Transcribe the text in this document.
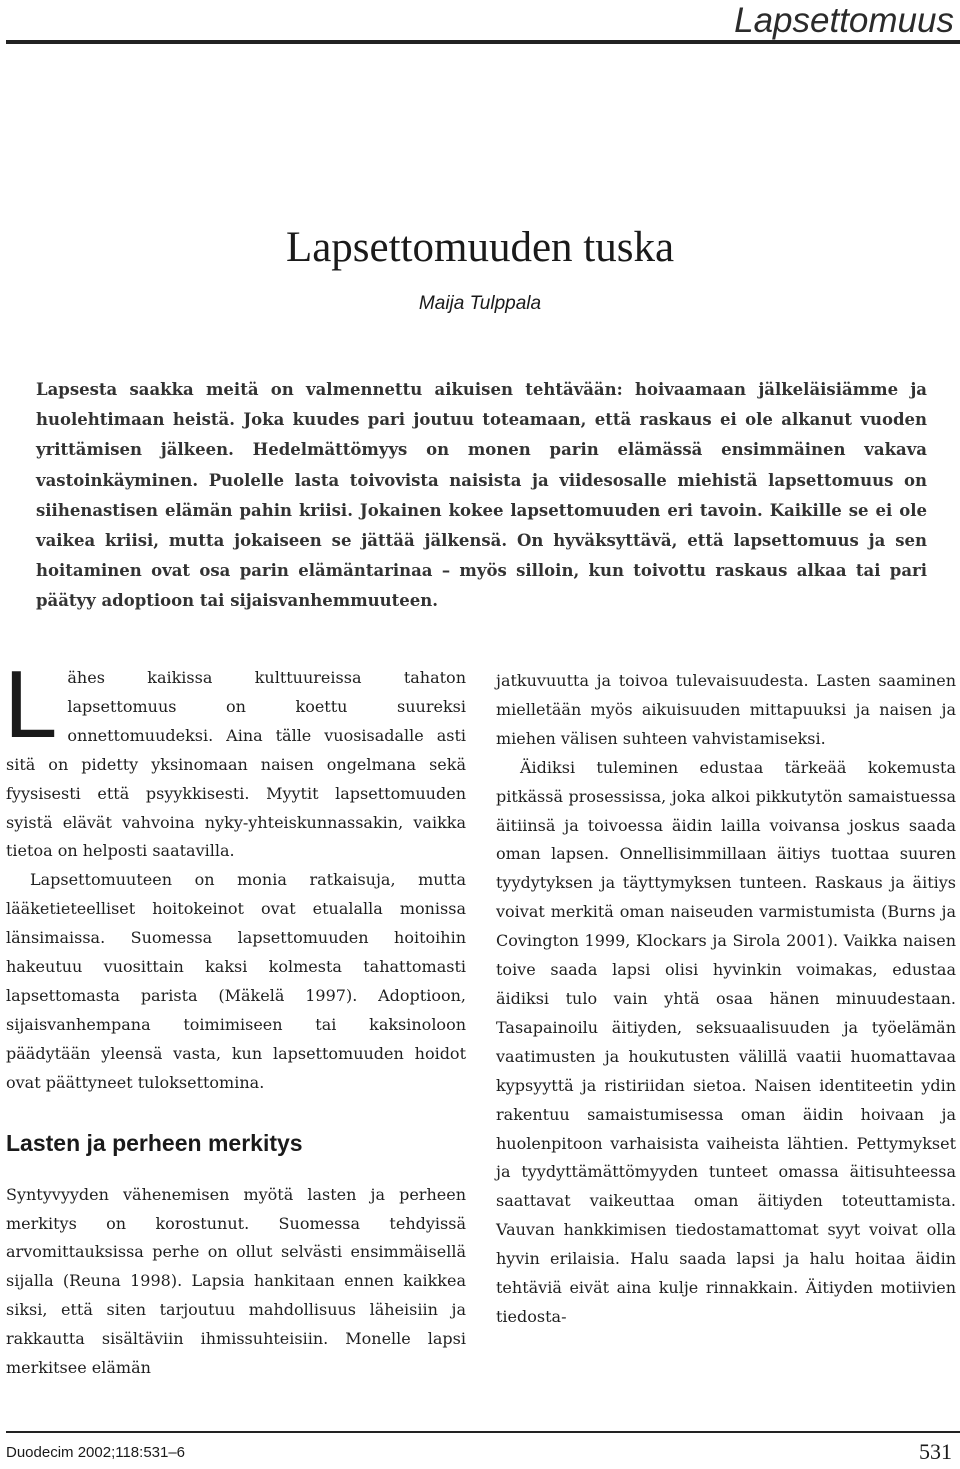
Lapsettomuus
Lapsettomuuden tuska
Maija Tulppala

Lapsesta saakka meitä on valmennettu aikuisen tehtävään: hoivaamaan jälkeläisiämme ja huolehtimaan heistä. Joka kuudes pari joutuu toteamaan, että raskaus ei ole alkanut vuoden yrittämisen jälkeen. Hedelmättömyys on monen parin elämässä ensimmäinen vakava vastoinkäyminen. Puolelle lasta toivovista naisista ja viidesosalle miehistä lapsettomuus on siihenastisen elämän pahin kriisi. Jokainen kokee lapsettomuuden eri tavoin. Kaikille se ei ole vaikea kriisi, mutta jokaiseen se jättää jälkensä. On hyväksyttävä, että lapsettomuus ja sen hoitaminen ovat osa parin elämäntarinaa – myös silloin, kun toivottu raskaus alkaa tai pari päätyy adoptioon tai sijaisvanhemmuuteen.

Lähes kaikissa kulttuureissa tahaton lapsettomuus on koettu suureksi onnettomuudeksi. Aina tälle vuosisadalle asti sitä on pidetty yksinomaan naisen ongelmana sekä fyysisesti että psyykkisesti. Myytit lapsettomuuden syistä elävät vahvoina nyky-yhteiskunnassakin, vaikka tietoa on helposti saatavilla.

Lapsettomuuteen on monia ratkaisuja, mutta lääketieteelliset hoitokeinot ovat etualalla monissa länsimaissa. Suomessa lapsettomuuden hoitoihin hakeutuu vuosittain kaksi kolmesta tahattomasti lapsettomasta parista (Mäkelä 1997). Adoptioon, sijaisvanhempana toimimiseen tai kaksinoloon päädytään yleensä vasta, kun lapsettomuuden hoidot ovat päättyneet tuloksettomina.

Lasten ja perheen merkitys

Syntyvyyden vähenemisen myötä lasten ja perheen merkitys on korostunut. Suomessa tehdyissä arvomittauksissa perhe on ollut selvästi ensimmäisellä sijalla (Reuna 1998). Lapsia hankitaan ennen kaikkea siksi, että siten tarjoutuu mahdollisuus läheisiin ja rakkautta sisältäviin ihmissuhteisiin. Monelle lapsi merkitsee elämän

jatkuvuutta ja toivoa tulevaisuudesta. Lasten saaminen mielletään myös aikuisuuden mittapuuksi ja naisen ja miehen välisen suhteen vahvistamiseksi.

Äidiksi tuleminen edustaa tärkeää kokemusta pitkässä prosessissa, joka alkoi pikkutytön samaistuessa äitiinsä ja toivoessa äidin lailla voivansa joskus saada oman lapsen. Onnellisimmillaan äitiys tuottaa suuren tyydytyksen ja täyttymyksen tunteen. Raskaus ja äitiys voivat merkitä oman naiseuden varmistumista (Burns ja Covington 1999, Klockars ja Sirola 2001). Vaikka naisen toive saada lapsi olisi hyvinkin voimakas, edustaa äidiksi tulo vain yhtä osaa hänen minuudestaan. Tasapainoilu äitiyden, seksuaalisuuden ja työelämän vaatimusten ja houkutusten välillä vaatii huomattavaa kypsyyttä ja ristiriidan sietoa. Naisen identiteetin ydin rakentuu samaistumisessa oman äidin hoivaan ja huolenpitoon varhaisista vaiheista lähtien. Pettymykset ja tyydyttämättömyyden tunteet omassa äitisuhteessa saattavat vaikeuttaa oman äitiyden toteuttamista. Vauvan hankkimisen tiedostamattomat syyt voivat olla hyvin erilaisia. Halu saada lapsi ja halu hoitaa äidin tehtäviä eivät aina kulje rinnakkain. Äitiyden motiivien tiedosta-

Duodecim 2002;118:531–6	531
